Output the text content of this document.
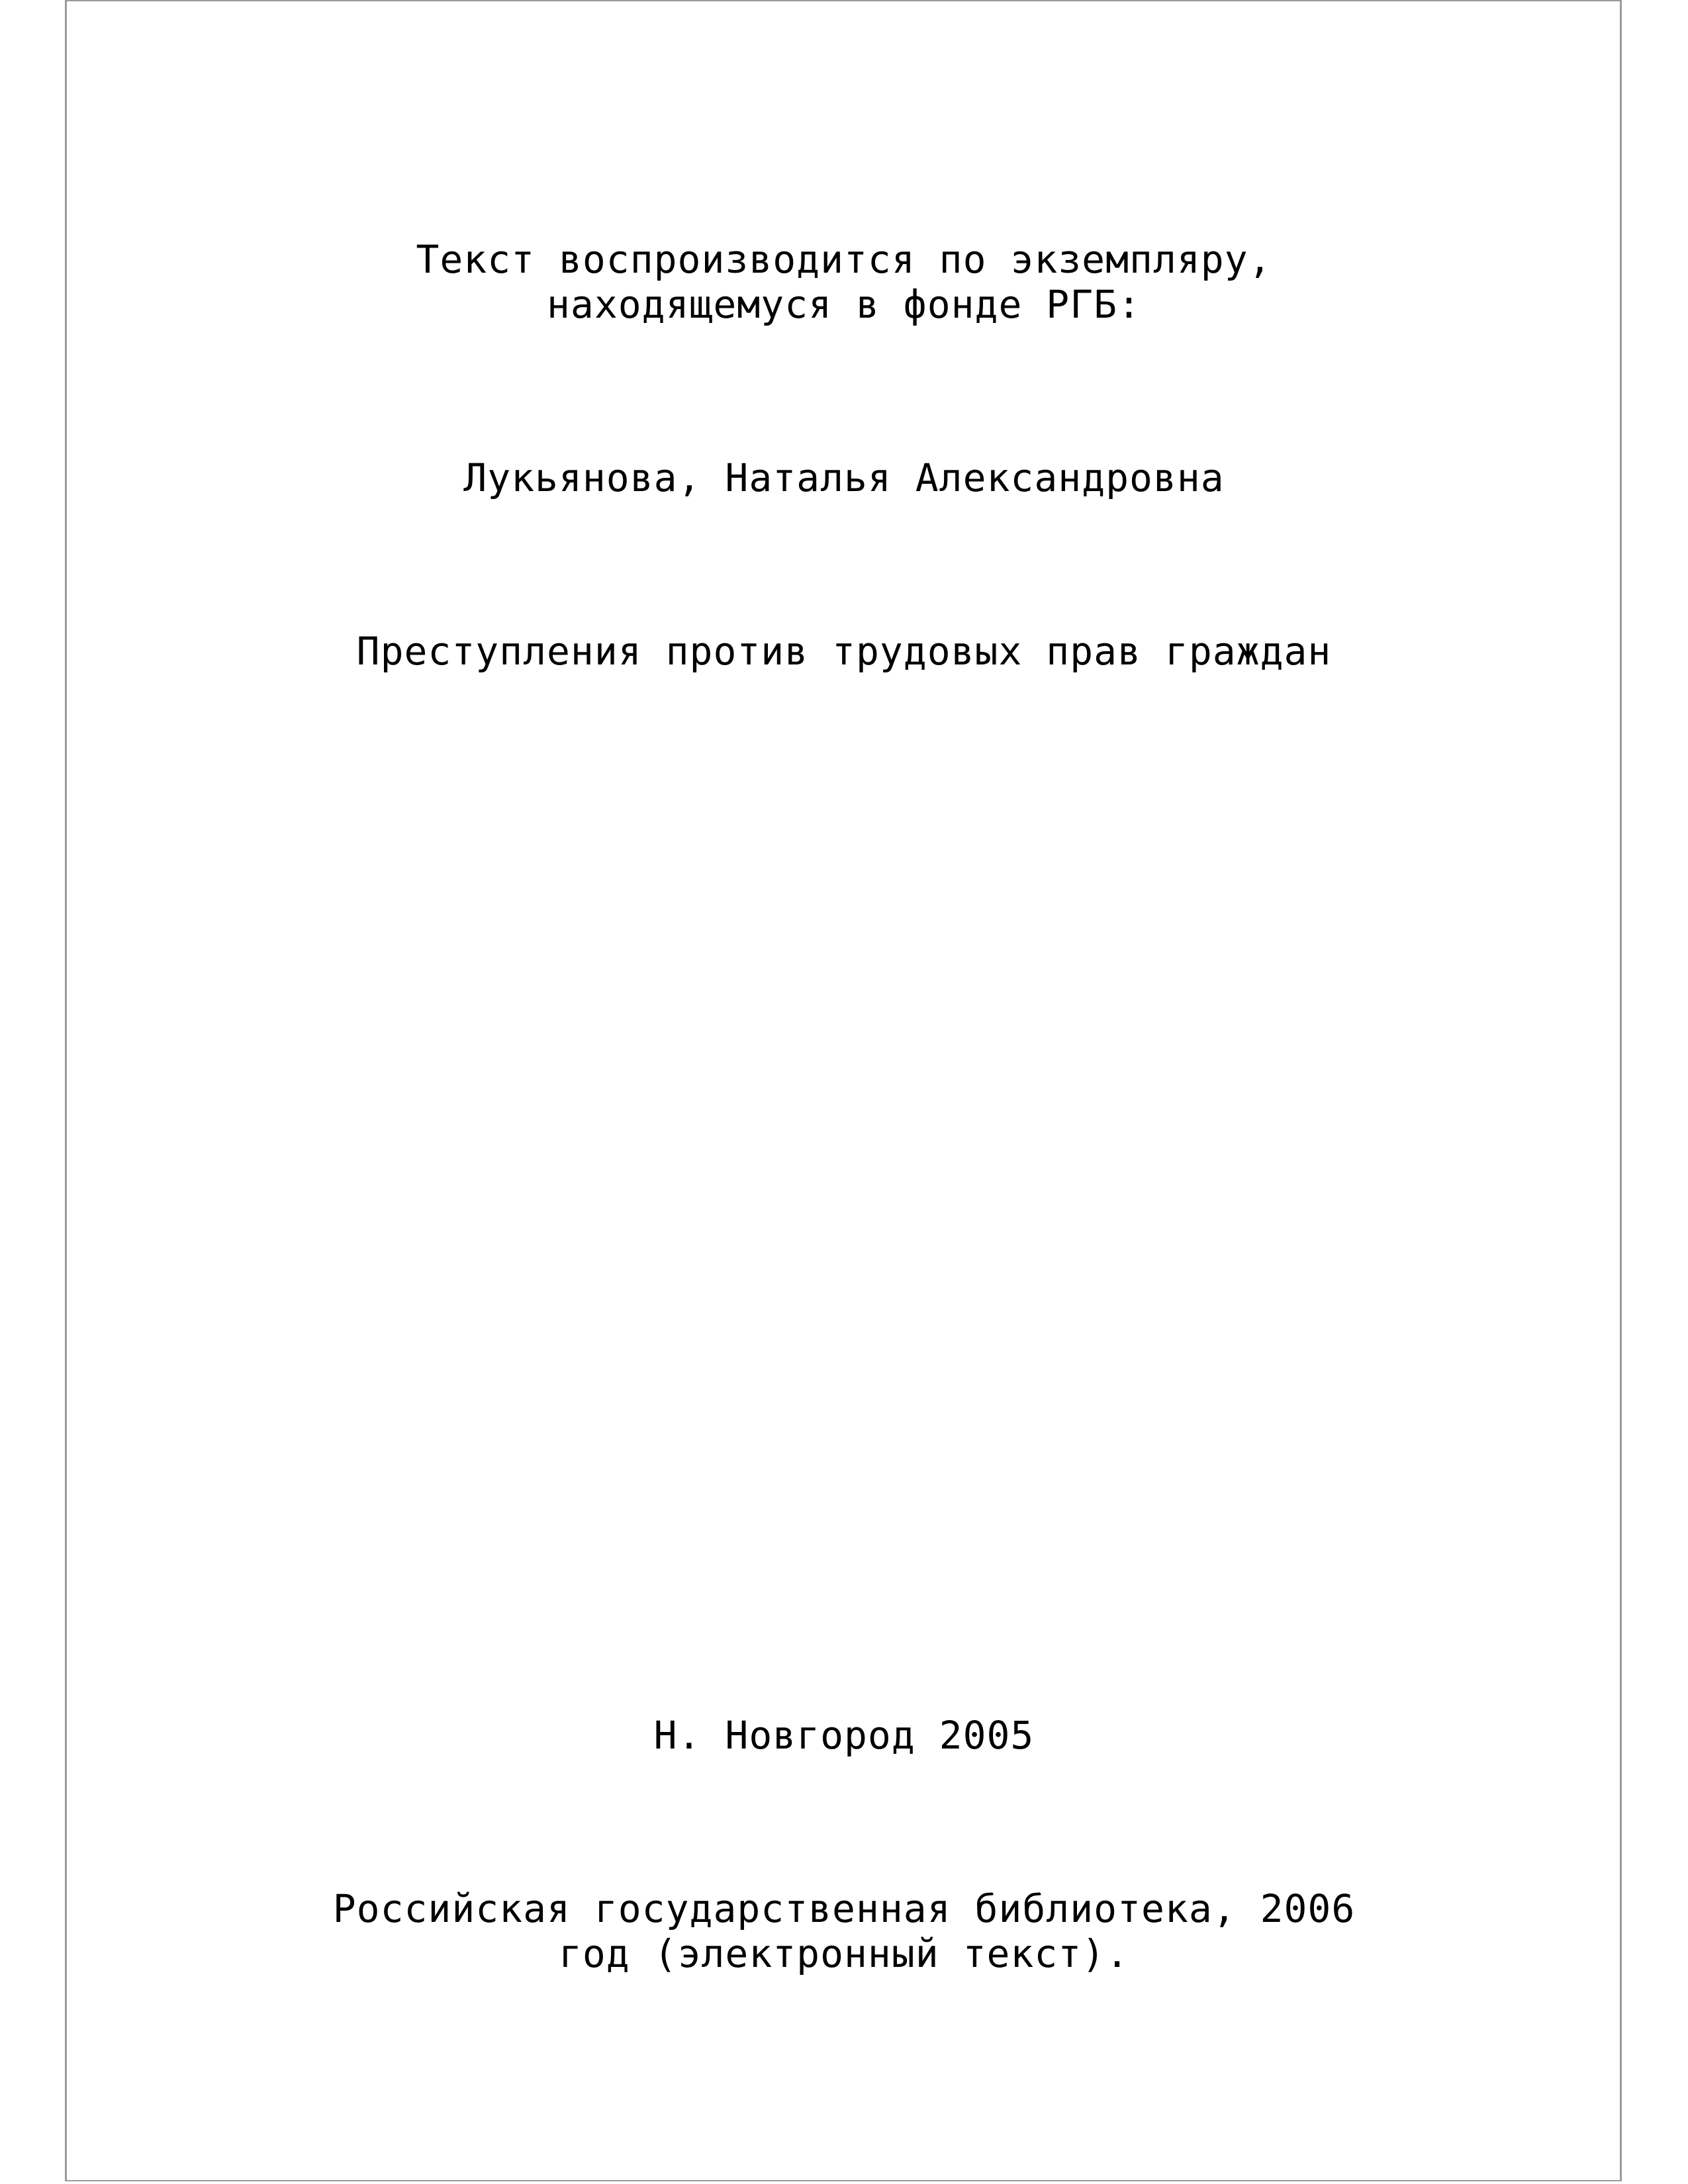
Текст воспроизводится по экземпляру,
находящемуся в фонде РГБ:
Лукьянова, Наталья Александровна
Преступления против трудовых прав граждан
Н. Новгород 2005
Российская государственная библиотека, 2006
год (электронный текст).
